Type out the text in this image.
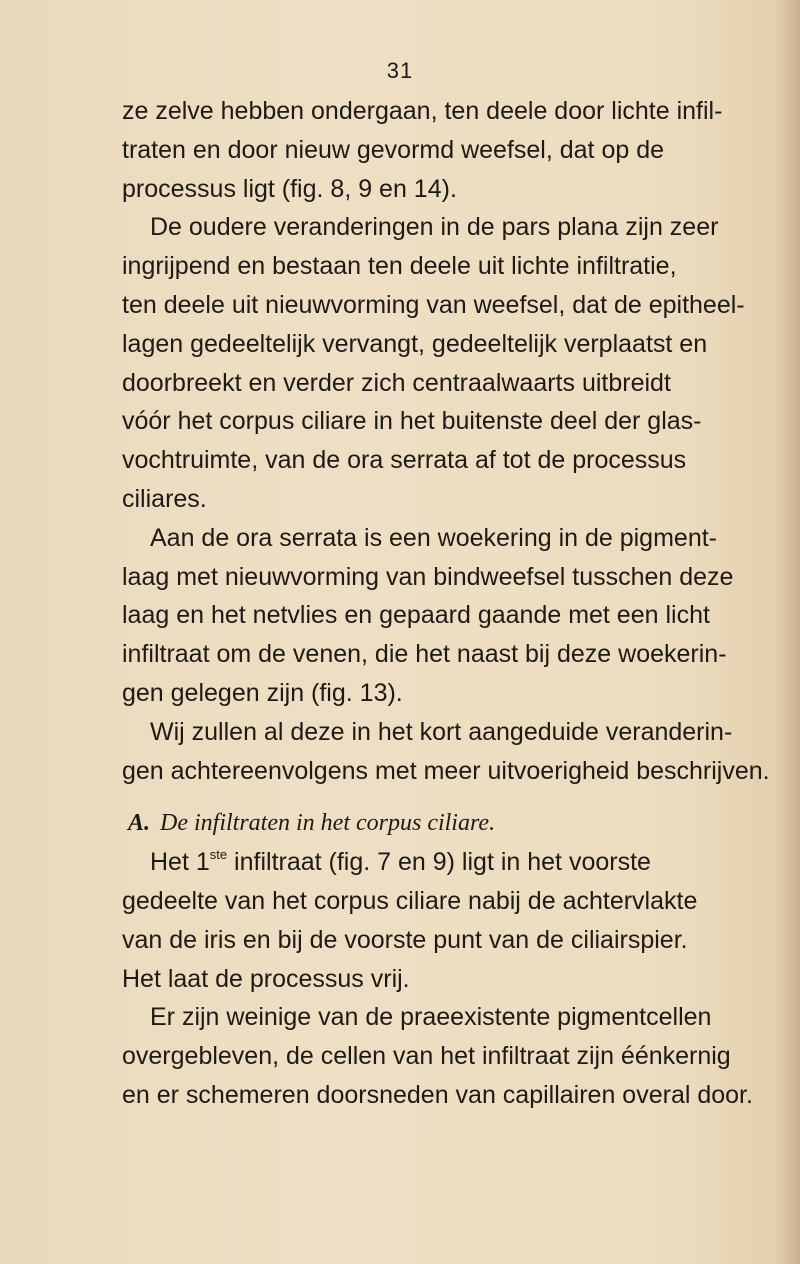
31
ze zelve hebben ondergaan, ten deele door lichte infil-
traten en door nieuw gevormd weefsel, dat op de
processus ligt (fig. 8, 9 en 14).
De oudere veranderingen in de pars plana zijn zeer
ingrijpend en bestaan ten deele uit lichte infiltratie,
ten deele uit nieuwvorming van weefsel, dat de epitheel-
lagen gedeeltelijk vervangt, gedeeltelijk verplaatst en
doorbreekt en verder zich centraalwaarts uitbreidt
vóór het corpus ciliare in het buitenste deel der glas-
vochtruimte, van de ora serrata af tot de processus
ciliares.
Aan de ora serrata is een woekering in de pigment-
laag met nieuwvorming van bindweefsel tusschen deze
laag en het netvlies en gepaard gaande met een licht
infiltraat om de venen, die het naast bij deze woekerin-
gen gelegen zijn (fig. 13).
Wij zullen al deze in het kort aangeduide veranderin-
gen achtereenvolgens met meer uitvoerigheid beschrijven.
A. De infiltraten in het corpus ciliare.
Het 1ste infiltraat (fig. 7 en 9) ligt in het voorste
gedeelte van het corpus ciliare nabij de achtervlakte
van de iris en bij de voorste punt van de ciliairspier.
Het laat de processus vrij.
Er zijn weinige van de praeexistente pigmentcellen
overgebleven, de cellen van het infiltraat zijn éénkernig
en er schemeren doorsneden van capillairen overal door.
